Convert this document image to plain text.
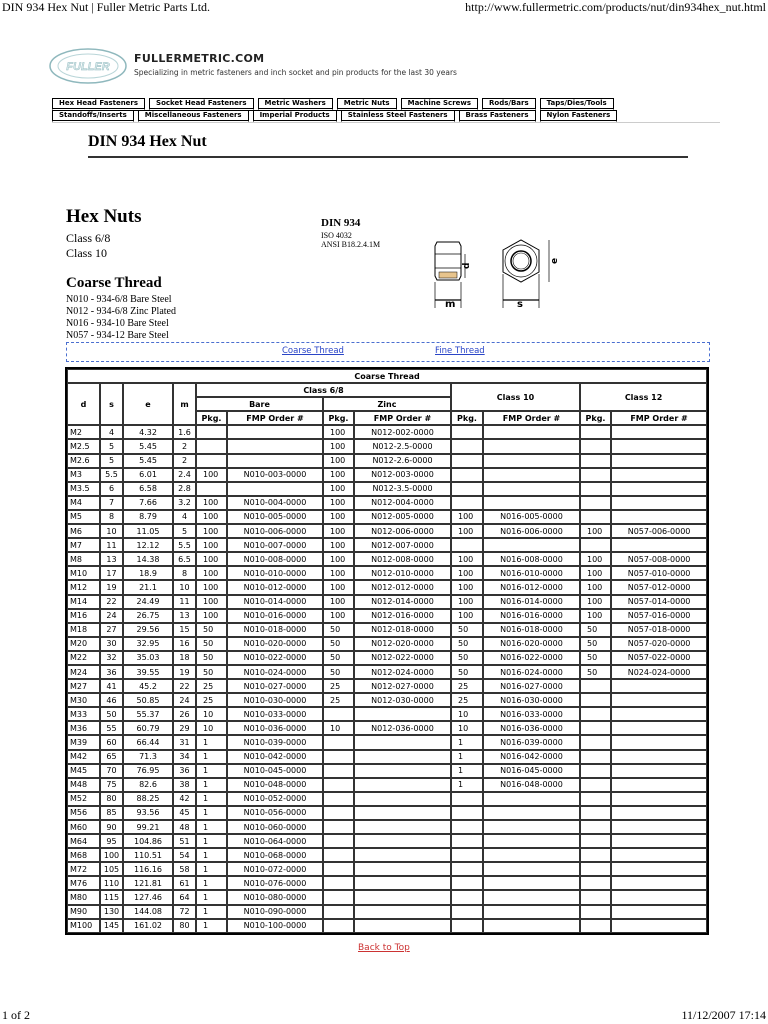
DIN 934 Hex Nut | Fuller Metric Parts Ltd.	http://www.fullermetric.com/products/nut/din934hex_nut.html
FULLER
FULLERMETRIC.COM
Specializing in metric fasteners and inch socket and pin products for the last 30 years
Hex Head Fasteners	Socket Head Fasteners	Metric Washers	Metric Nuts	Machine Screws	Rods/Bars	Taps/Dies/Tools
Standoffs/Inserts	Miscellaneous Fasteners	Imperial Products	Stainless Steel Fasteners	Brass Fasteners	Nylon Fasteners
DIN 934 Hex Nut
Hex Nuts
Class 6/8
Class 10
Coarse Thread
N010 - 934-6/8 Bare Steel
N012 - 934-6/8 Zinc Plated
N016 - 934-10 Bare Steel
N057 - 934-12 Bare Steel
DIN 934
ISO 4032
ANSI B18.2.4.1M
d
m	s
e
Coarse Thread	Fine Thread
Coarse Thread											
d	s	e	m	Class 6/8				Class 10		Class 12	
				Bare		Zinc					
				Pkg.	FMP Order #	Pkg.	FMP Order #	Pkg.	FMP Order #	Pkg.	FMP Order #
M2	4	4.32	1.6			100	N012-002-0000				
M2.5	5	5.45	2			100	N012-2.5-0000				
M2.6	5	5.45	2			100	N012-2.6-0000				
M3	5.5	6.01	2.4	100	N010-003-0000	100	N012-003-0000				
M3.5	6	6.58	2.8			100	N012-3.5-0000				
M4	7	7.66	3.2	100	N010-004-0000	100	N012-004-0000				
M5	8	8.79	4	100	N010-005-0000	100	N012-005-0000	100	N016-005-0000		
M6	10	11.05	5	100	N010-006-0000	100	N012-006-0000	100	N016-006-0000	100	N057-006-0000
M7	11	12.12	5.5	100	N010-007-0000	100	N012-007-0000				
M8	13	14.38	6.5	100	N010-008-0000	100	N012-008-0000	100	N016-008-0000	100	N057-008-0000
M10	17	18.9	8	100	N010-010-0000	100	N012-010-0000	100	N016-010-0000	100	N057-010-0000
M12	19	21.1	10	100	N010-012-0000	100	N012-012-0000	100	N016-012-0000	100	N057-012-0000
M14	22	24.49	11	100	N010-014-0000	100	N012-014-0000	100	N016-014-0000	100	N057-014-0000
M16	24	26.75	13	100	N010-016-0000	100	N012-016-0000	100	N016-016-0000	100	N057-016-0000
M18	27	29.56	15	50	N010-018-0000	50	N012-018-0000	50	N016-018-0000	50	N057-018-0000
M20	30	32.95	16	50	N010-020-0000	50	N012-020-0000	50	N016-020-0000	50	N057-020-0000
M22	32	35.03	18	50	N010-022-0000	50	N012-022-0000	50	N016-022-0000	50	N057-022-0000
M24	36	39.55	19	50	N010-024-0000	50	N012-024-0000	50	N016-024-0000	50	N024-024-0000
M27	41	45.2	22	25	N010-027-0000	25	N012-027-0000	25	N016-027-0000		
M30	46	50.85	24	25	N010-030-0000	25	N012-030-0000	25	N016-030-0000		
M33	50	55.37	26	10	N010-033-0000			10	N016-033-0000		
M36	55	60.79	29	10	N010-036-0000	10	N012-036-0000	10	N016-036-0000		
M39	60	66.44	31	1	N010-039-0000			1	N016-039-0000		
M42	65	71.3	34	1	N010-042-0000			1	N016-042-0000		
M45	70	76.95	36	1	N010-045-0000			1	N016-045-0000		
M48	75	82.6	38	1	N010-048-0000			1	N016-048-0000		
M52	80	88.25	42	1	N010-052-0000						
M56	85	93.56	45	1	N010-056-0000						
M60	90	99.21	48	1	N010-060-0000						
M64	95	104.86	51	1	N010-064-0000						
M68	100	110.51	54	1	N010-068-0000						
M72	105	116.16	58	1	N010-072-0000						
M76	110	121.81	61	1	N010-076-0000						
M80	115	127.46	64	1	N010-080-0000						
M90	130	144.08	72	1	N010-090-0000						
M100	145	161.02	80	1	N010-100-0000						
Back to Top
1 of 2	11/12/2007 17:14
